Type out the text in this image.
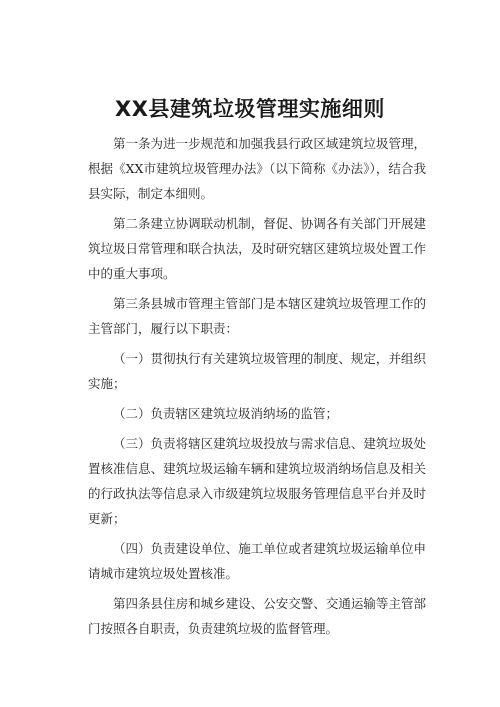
XX县建筑垃圾管理实施细则

第一条为进一步规范和加强我县行政区域建筑垃圾管理，根据《XX市建筑垃圾管理办法》（以下简称《办法》），结合我县实际，制定本细则。

第二条建立协调联动机制，督促、协调各有关部门开展建筑垃圾日常管理和联合执法，及时研究辖区建筑垃圾处置工作中的重大事项。

第三条县城市管理主管部门是本辖区建筑垃圾管理工作的主管部门，履行以下职责：

（一）贯彻执行有关建筑垃圾管理的制度、规定，并组织实施；

（二）负责辖区建筑垃圾消纳场的监管；

（三）负责将辖区建筑垃圾投放与需求信息、建筑垃圾处置核准信息、建筑垃圾运输车辆和建筑垃圾消纳场信息及相关的行政执法等信息录入市级建筑垃圾服务管理信息平台并及时更新；

（四）负责建设单位、施工单位或者建筑垃圾运输单位申请城市建筑垃圾处置核准。

第四条县住房和城乡建设、公安交警、交通运输等主管部门按照各自职责，负责建筑垃圾的监督管理。
